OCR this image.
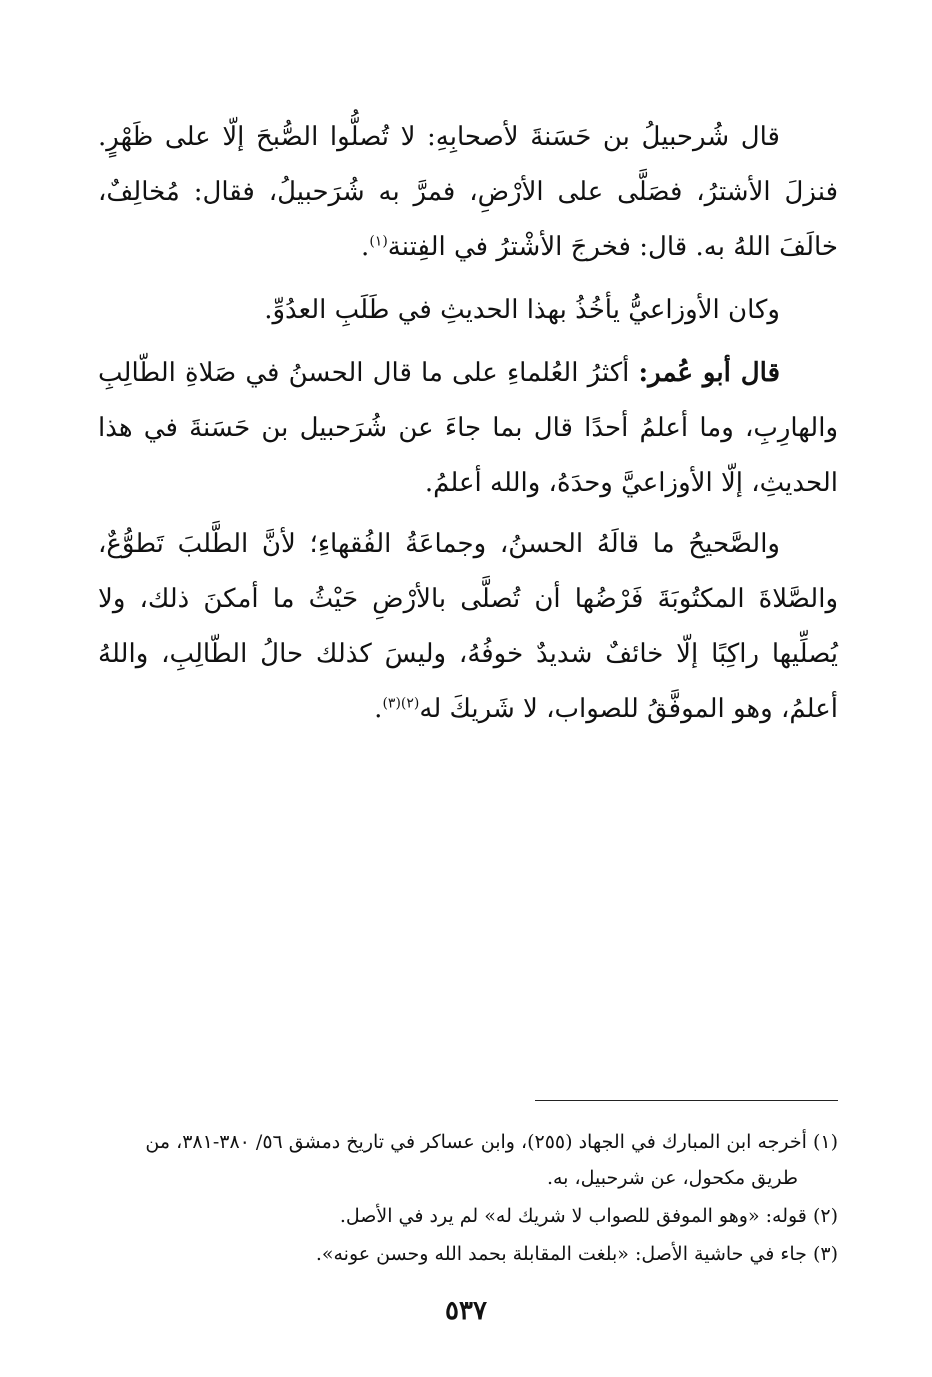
قال شُرحبيلُ بن حَسَنةَ لأصحابِهِ: لا تُصلُّوا الصُّبحَ إلّا على ظَهْرٍ. فنزلَ الأشترُ، فصَلَّى على الأرْضِ، فمرَّ به شُرَحبيلُ، فقال: مُخالِفٌ، خالَفَ اللهُ به. قال: فخرجَ الأشْترُ في الفِتنة$^{(١)}$.

وكان الأوزاعيُّ يأخُذُ بهذا الحديثِ في طَلَبِ العدُوِّ.

قال أبو عُمر: أكثرُ العُلماءِ على ما قال الحسنُ في صَلاةِ الطّالِبِ والهارِبِ، وما أعلمُ أحدًا قال بما جاءَ عن شُرَحبيل بن حَسَنةَ في هذا الحديثِ، إلّا الأوزاعيَّ وحدَهُ، والله أعلمُ.

والصَّحيحُ ما قالَهُ الحسنُ، وجماعَةُ الفُقهاءِ؛ لأنَّ الطَّلبَ تَطوُّعٌ، والصَّلاةَ المكتُوبَةَ فَرْضُها أن تُصلَّى بالأرْضِ حَيْثُ ما أمكنَ ذلك، ولا يُصلِّيها راكِبًا إلّا خائفٌ شديدٌ خوفُهُ، وليسَ كذلك حالُ الطّالِبِ، واللهُ أعلمُ، وهو الموفَّقُ للصواب، لا شَريكَ له$^{(٢)(٣)}$.

(١) أخرجه ابن المبارك في الجهاد (٢٥٥)، وابن عساكر في تاريخ دمشق ٥٦/ ٣٨٠-٣٨١، من
طريق مكحول، عن شرحبيل، به.

(٢) قوله: «وهو الموفق للصواب لا شريك له» لم يرد في الأصل.

(٣) جاء في حاشية الأصل: «بلغت المقابلة بحمد الله وحسن عونه».

٥٣٧
